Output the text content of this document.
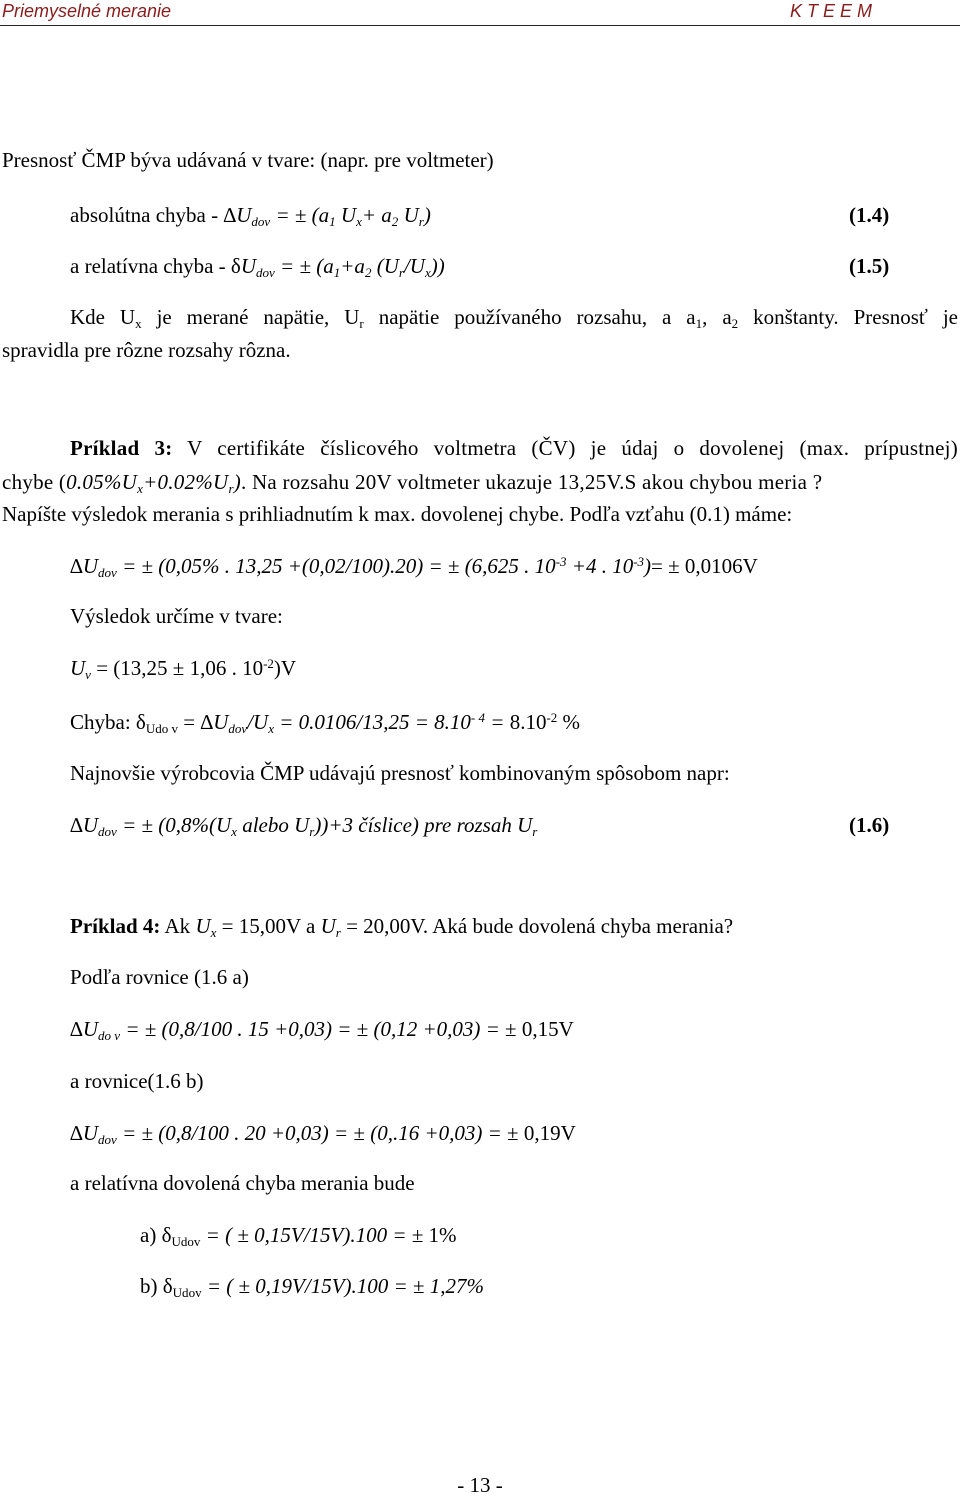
Priemyselné meranie	K T E E M
Presnosť ČMP býva udávaná v tvare: (napr. pre voltmeter)
absolútna chyba - $\Delta U_{dov}$ = ± ($a_1$ $U_x+ a_2$ $U_r$)	(1.4)
a relatívna chyba - $\delta U_{dov}$ = ± ($a_1+a_2$ $(U_r/U_x)$)	(1.5)
Kde $U_x$ je merané napätie, $U_r$ napätie používaného rozsahu, a $a_1$, $a_2$ konštanty. Presnosť je
spravidla pre rôzne rozsahy rôzna.
Príklad 3: V certifikáte číslicového voltmetra (ČV) je údaj o dovolenej (max. prípustnej)
chybe $(0.05\%U_x+0.02\%U_r)$. Na rozsahu 20V voltmeter ukazuje 13,25V.S akou chybou meria ?
Napíšte výsledok merania s prihliadnutím k max. dovolenej chybe. Podľa vzťahu (0.1) máme:
$\Delta U_{dov}$ = ± (0,05% . 13,25 +(0,02/100).20) = ± (6,625 . $10^{-3} +4$ . $10^{-3})= \pm 0,0106V$
Výsledok určíme v tvare:
$U_v = (13,25 \pm 1,06$ . $10^{-2})V$
Chyba: $\delta_{Udo v} = \Delta U_{dov}/U_x = 0.0106/13,25 = 8.10^{- 4} = 8.10^{-2}$ %
Najnovšie výrobcovia ČMP udávajú presnosť kombinovaným spôsobom napr:
$\Delta U_{dov}$ = ± ($0,8\%(U_x$ alebo $U_r))+3$ číslice) pre rozsah $U_r$	(1.6)
Príklad 4: Ak $U_x = 15,00V$ a $U_r = 20,00V$. Aká bude dovolená chyba merania?
Podľa rovnice (1.6 a)
$\Delta U_{do v}$ = ± (0,8/100 . 15 +0,03) = ± (0,12 +0,03) = ± 0,15V
a rovnice(1.6 b)
$\Delta U_{dov}$ = ± (0,8/100 . 20 +0,03) = ± (0,.16 +0,03) = ± 0,19V
a relatívna dovolená chyba merania bude
a) $\delta_{Udov}$ = ( ± 0,15V/15V).100 = ± 1%
b) $\delta_{Udov}$ = ( ± 0,19V/15V).100 = ± 1,27%
- 13 -
